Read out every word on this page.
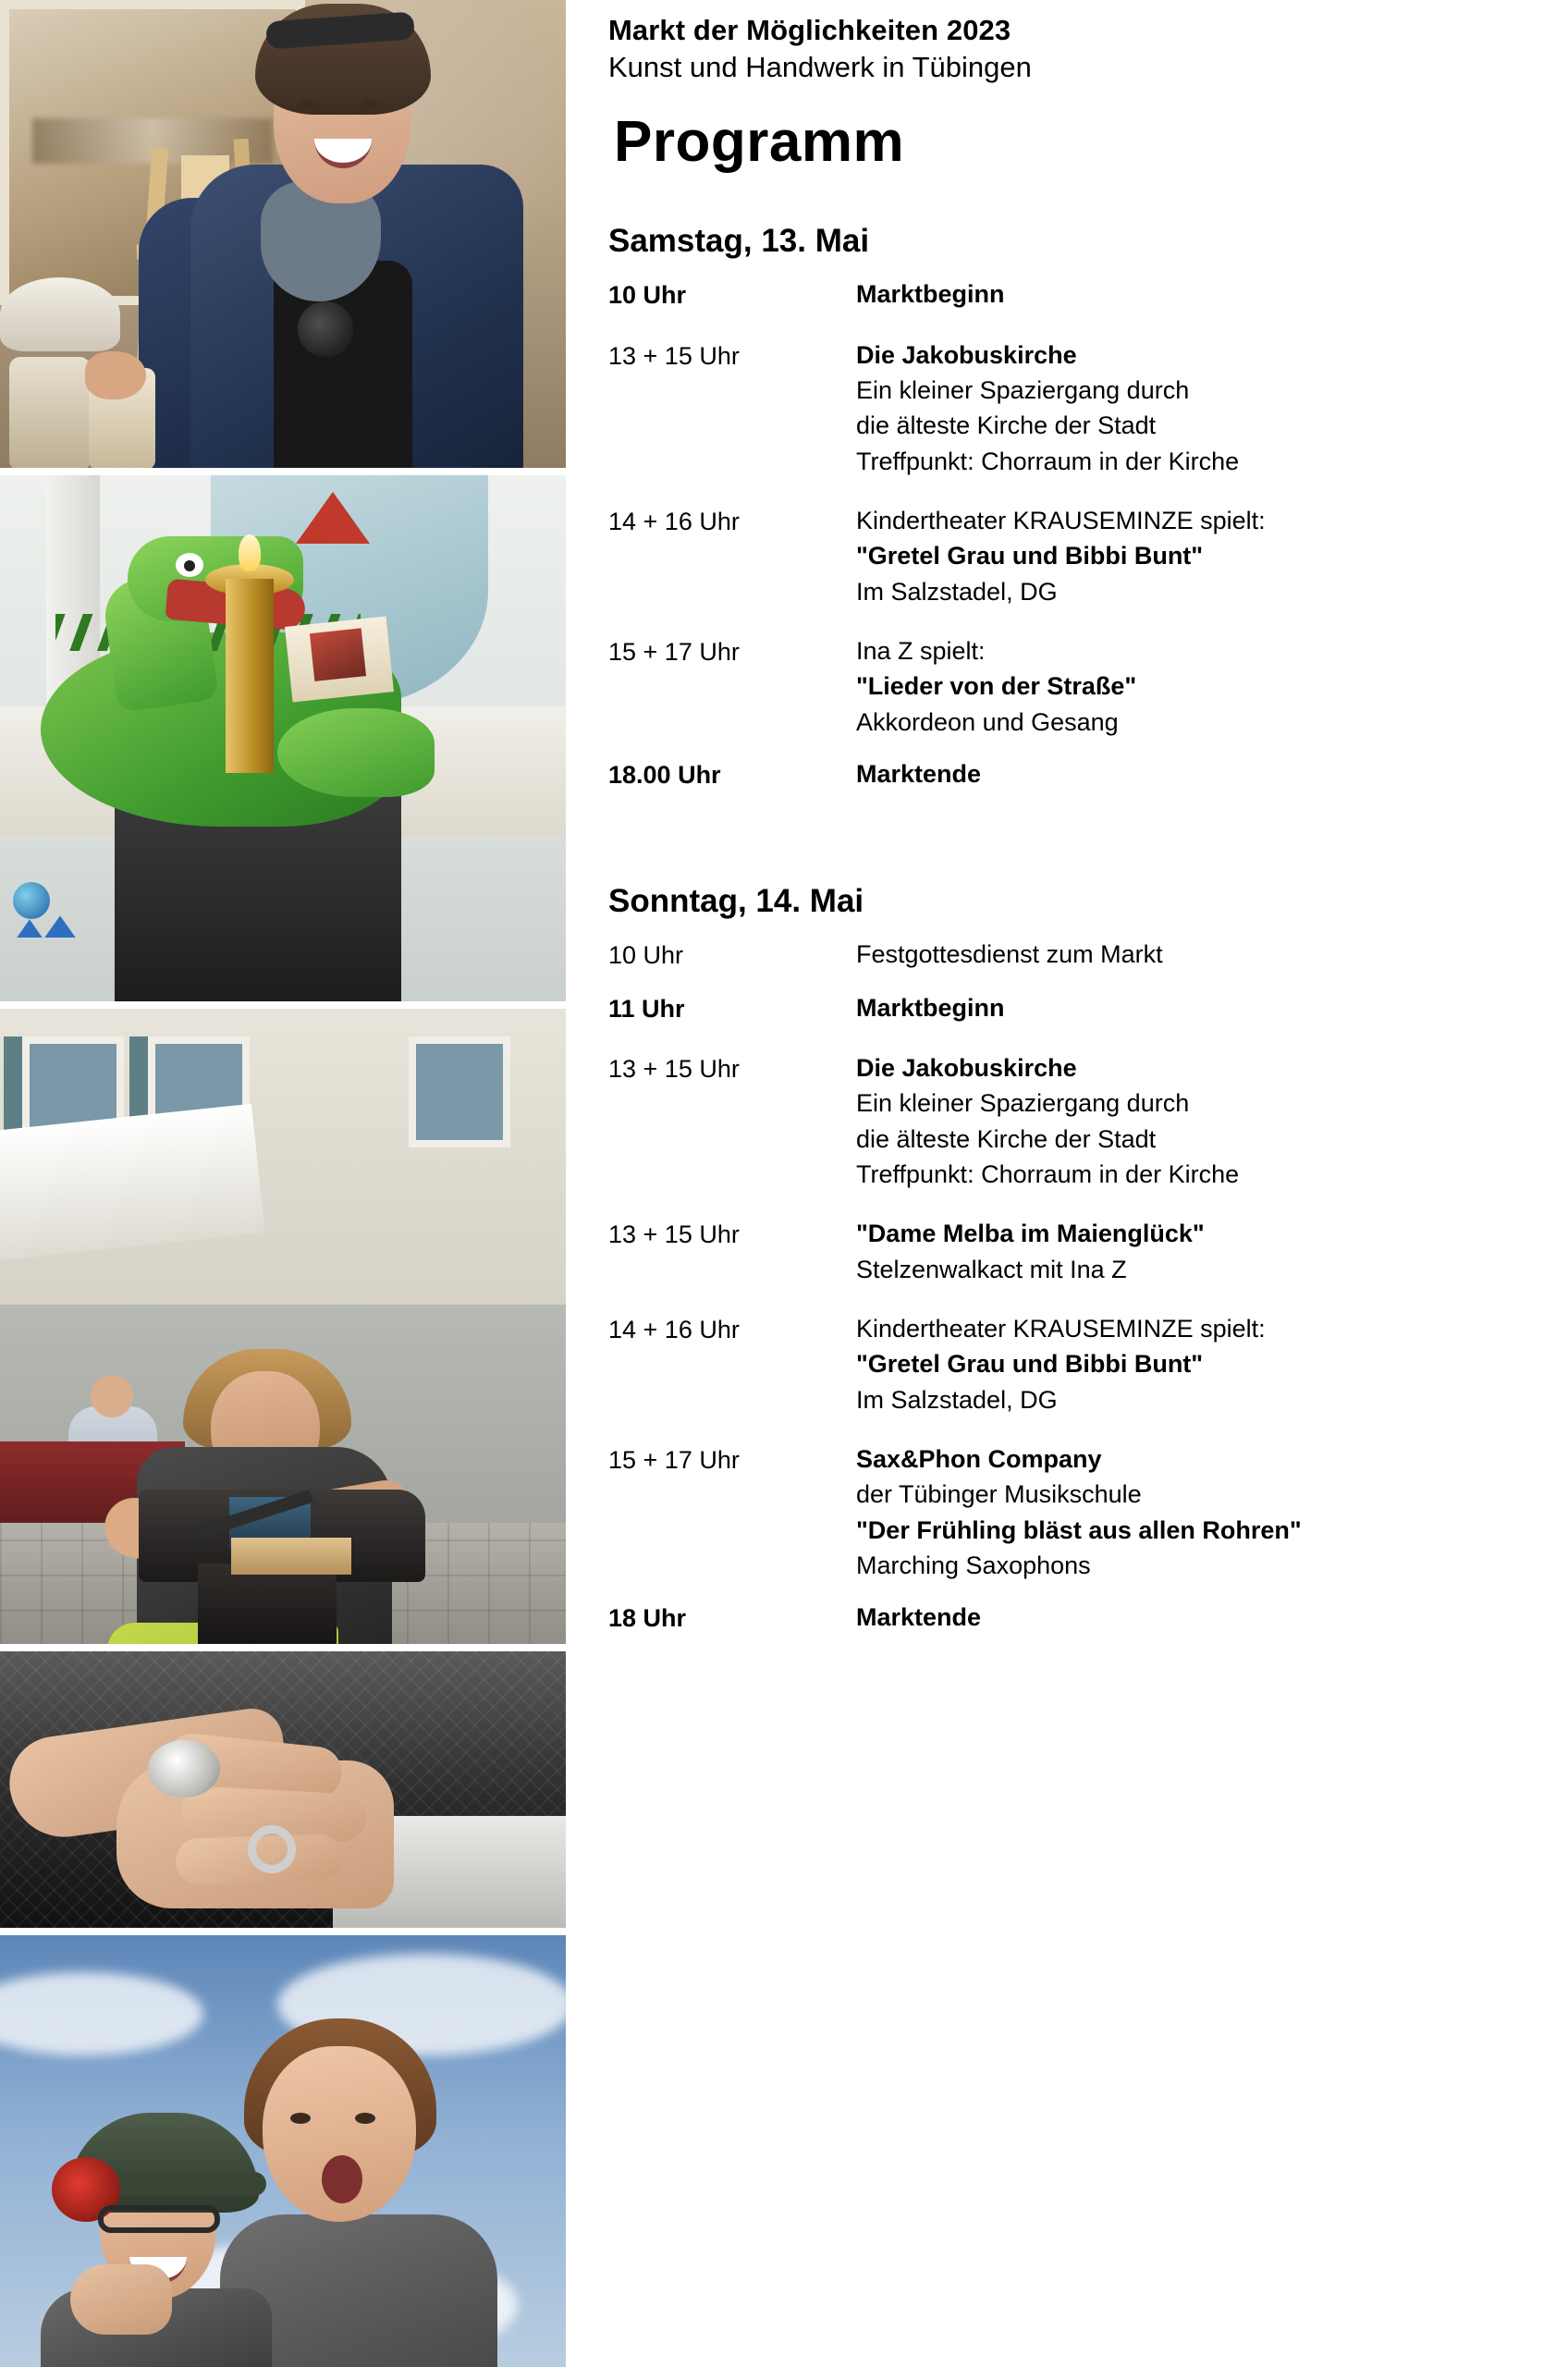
Markt der Möglichkeiten 2023
Kunst und Handwerk in Tübingen
Programm
Samstag, 13. Mai
10 Uhr	Marktbeginn
13 + 15 Uhr	Die Jakobuskirche
Ein kleiner Spaziergang durch
die älteste Kirche der Stadt
Treffpunkt: Chorraum in der Kirche
14 + 16 Uhr	Kindertheater KRAUSEMINZE spielt:
"Gretel Grau und Bibbi Bunt"
Im Salzstadel, DG
15 + 17 Uhr	Ina Z spielt:
"Lieder von der Straße"
Akkordeon und Gesang
18.00 Uhr	Marktende
Sonntag, 14. Mai
10 Uhr	Festgottesdienst zum Markt
11 Uhr	Marktbeginn
13 + 15 Uhr	Die Jakobuskirche
Ein kleiner Spaziergang durch
die älteste Kirche der Stadt
Treffpunkt: Chorraum in der Kirche
13 + 15 Uhr	"Dame Melba im Maienglück"
Stelzenwalkact mit Ina Z
14 + 16 Uhr	Kindertheater KRAUSEMINZE spielt:
"Gretel Grau und Bibbi Bunt"
Im Salzstadel, DG
15 + 17 Uhr	Sax&Phon Company
der Tübinger Musikschule
"Der Frühling bläst aus allen Rohren"
Marching Saxophons
18 Uhr	Marktende
